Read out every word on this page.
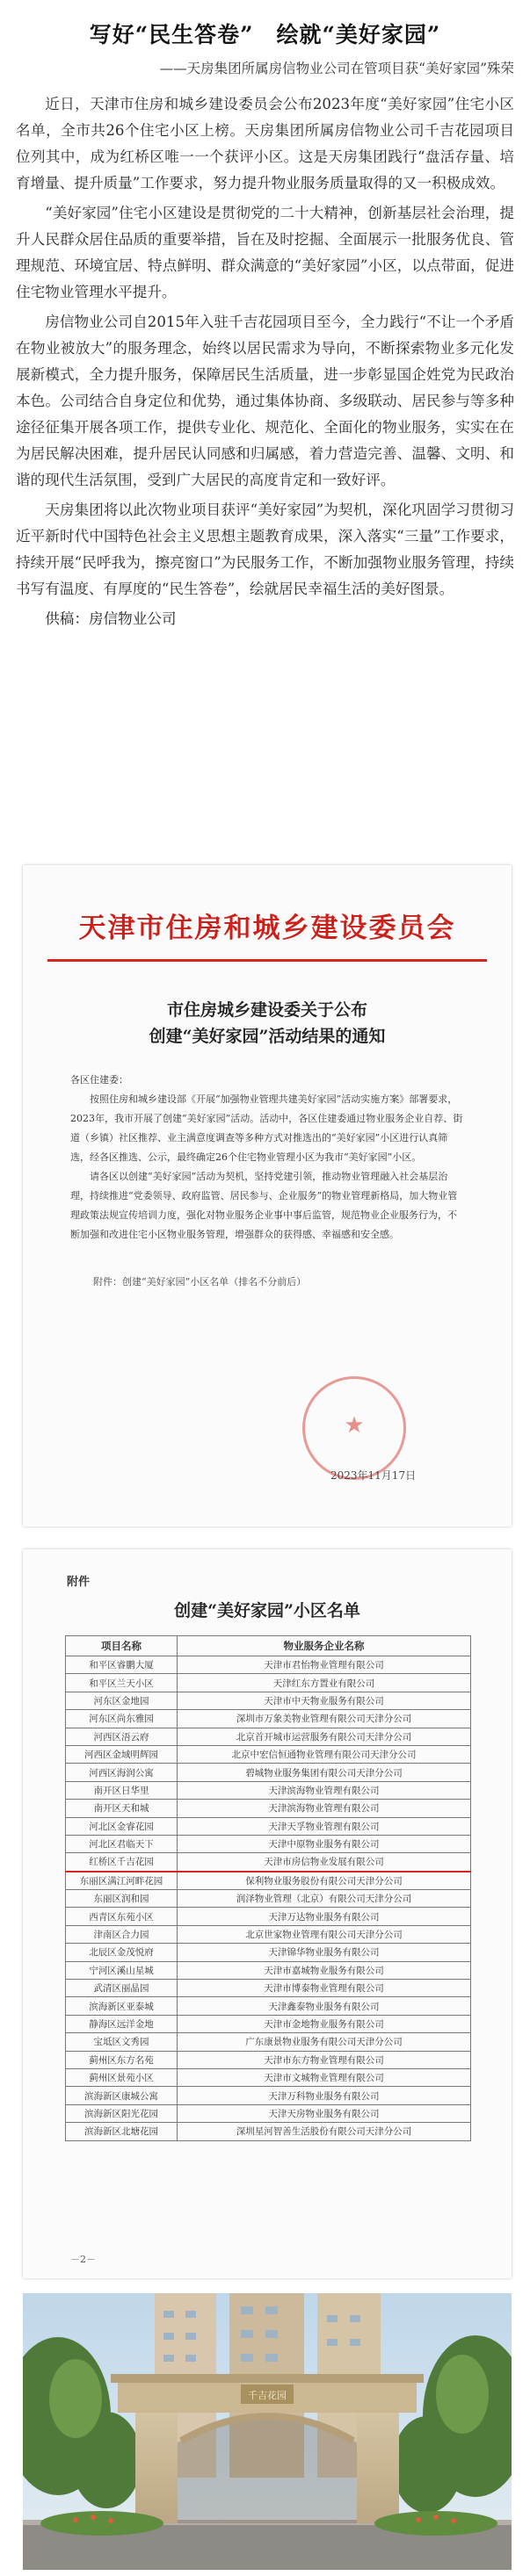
写好“民生答卷”　绘就“美好家园”
——天房集团所属房信物业公司在管项目获“美好家园”殊荣

近日，天津市住房和城乡建设委员会公布2023年度“美好家园”住宅小区名单，全市共26个住宅小区上榜。天房集团所属房信物业公司千吉花园项目位列其中，成为红桥区唯一一个获评小区。这是天房集团践行“盘活存量、培育增量、提升质量”工作要求，努力提升物业服务质量取得的又一积极成效。

“美好家园”住宅小区建设是贯彻党的二十大精神，创新基层社会治理，提升人民群众居住品质的重要举措，旨在及时挖掘、全面展示一批服务优良、管理规范、环境宜居、特点鲜明、群众满意的“美好家园”小区，以点带面，促进住宅物业管理水平提升。

房信物业公司自2015年入驻千吉花园项目至今，全力践行“不让一个矛盾在物业被放大”的服务理念，始终以居民需求为导向，不断探索物业多元化发展新模式，全力提升服务，保障居民生活质量，进一步彰显国企姓党为民政治本色。公司结合自身定位和优势，通过集体协商、多级联动、居民参与等多种途径征集开展各项工作，提供专业化、规范化、全面化的物业服务，实实在在为居民解决困难，提升居民认同感和归属感，着力营造完善、温馨、文明、和谐的现代生活氛围，受到广大居民的高度肯定和一致好评。

天房集团将以此次物业项目获评“美好家园”为契机，深化巩固学习贯彻习近平新时代中国特色社会主义思想主题教育成果，深入落实“三量”工作要求，持续开展“民呼我为，擦亮窗口”为民服务工作，不断加强物业服务管理，持续书写有温度、有厚度的“民生答卷”，绘就居民幸福生活的美好图景。

供稿：房信物业公司

天津市住房和城乡建设委员会
市住房城乡建设委关于公布
创建“美好家园”活动结果的通知

各区住建委：

按照住房和城乡建设部《开展“加强物业管理共建美好家园”活动实施方案》部署要求，2023年，我市开展了创建“美好家园”活动。活动中，各区住建委通过物业服务企业自荐、街道（乡镇）社区推荐、业主满意度调查等多种方式对推选出的“美好家园”小区进行认真筛选，经各区推选、公示，最终确定26个住宅物业管理小区为我市“美好家园”小区。

请各区以创建“美好家园”活动为契机，坚持党建引领，推动物业管理融入社会基层治理，持续推进“党委领导、政府监管、居民参与、企业服务”的物业管理新格局，加大物业管理政策法规宣传培训力度，强化对物业服务企业事中事后监管，规范物业企业服务行为，不断加强和改进住宅小区物业服务管理，增强群众的获得感、幸福感和安全感。

附件：创建“美好家园”小区名单（排名不分前后）
★
2023年11月17日
附件
创建“美好家园”小区名单
项目名称	物业服务企业名称
和平区睿鹏大厦	天津市君怡物业管理有限公司
和平区兰天小区	天津红东方置业有限公司
河东区金地园	天津市中天物业服务有限公司
河东区尚东雅园	深圳市万象美物业管理有限公司天津分公司
河西区浯云府	北京首开城市运营服务有限公司天津分公司
河西区金域明辉园	北京中宏信恒通物业管理有限公司天津分公司
河西区海润公寓	碧城物业服务集团有限公司天津分公司
南开区日华里	天津滨海物业管理有限公司
南开区天和城	天津滨海物业管理有限公司
河北区金睿花园	天津天孚物业管理有限公司
河北区君临天下	天津中原物业服务有限公司
红桥区千吉花园	天津市房信物业发展有限公司
东丽区满江河畔花园	保利物业服务股份有限公司天津分公司
东丽区润和园	润泽物业管理（北京）有限公司天津分公司
西青区东苑小区	天津万达物业服务有限公司
津南区合力园	北京世家物业管理有限公司天津分公司
北辰区金茂悦府	天津锦华物业服务有限公司
宁河区溪山星城	天津市嘉城物业服务有限公司
武清区丽晶园	天津市博泰物业管理有限公司
滨海新区亚泰城	天津鑫泰物业服务有限公司
静海区远洋金地	天津市金地物业服务有限公司
宝坻区文秀园	广东康景物业服务有限公司天津分公司
蓟州区东方名苑	天津市东方物业管理有限公司
蓟州区景苑小区	天津市文城物业管理有限公司
滨海新区康城公寓	天津万科物业服务有限公司
滨海新区阳光花园	天津天房物业服务有限公司
滨海新区北塘花园	深圳星河智善生活股份有限公司天津分公司
－2－
千吉花园
